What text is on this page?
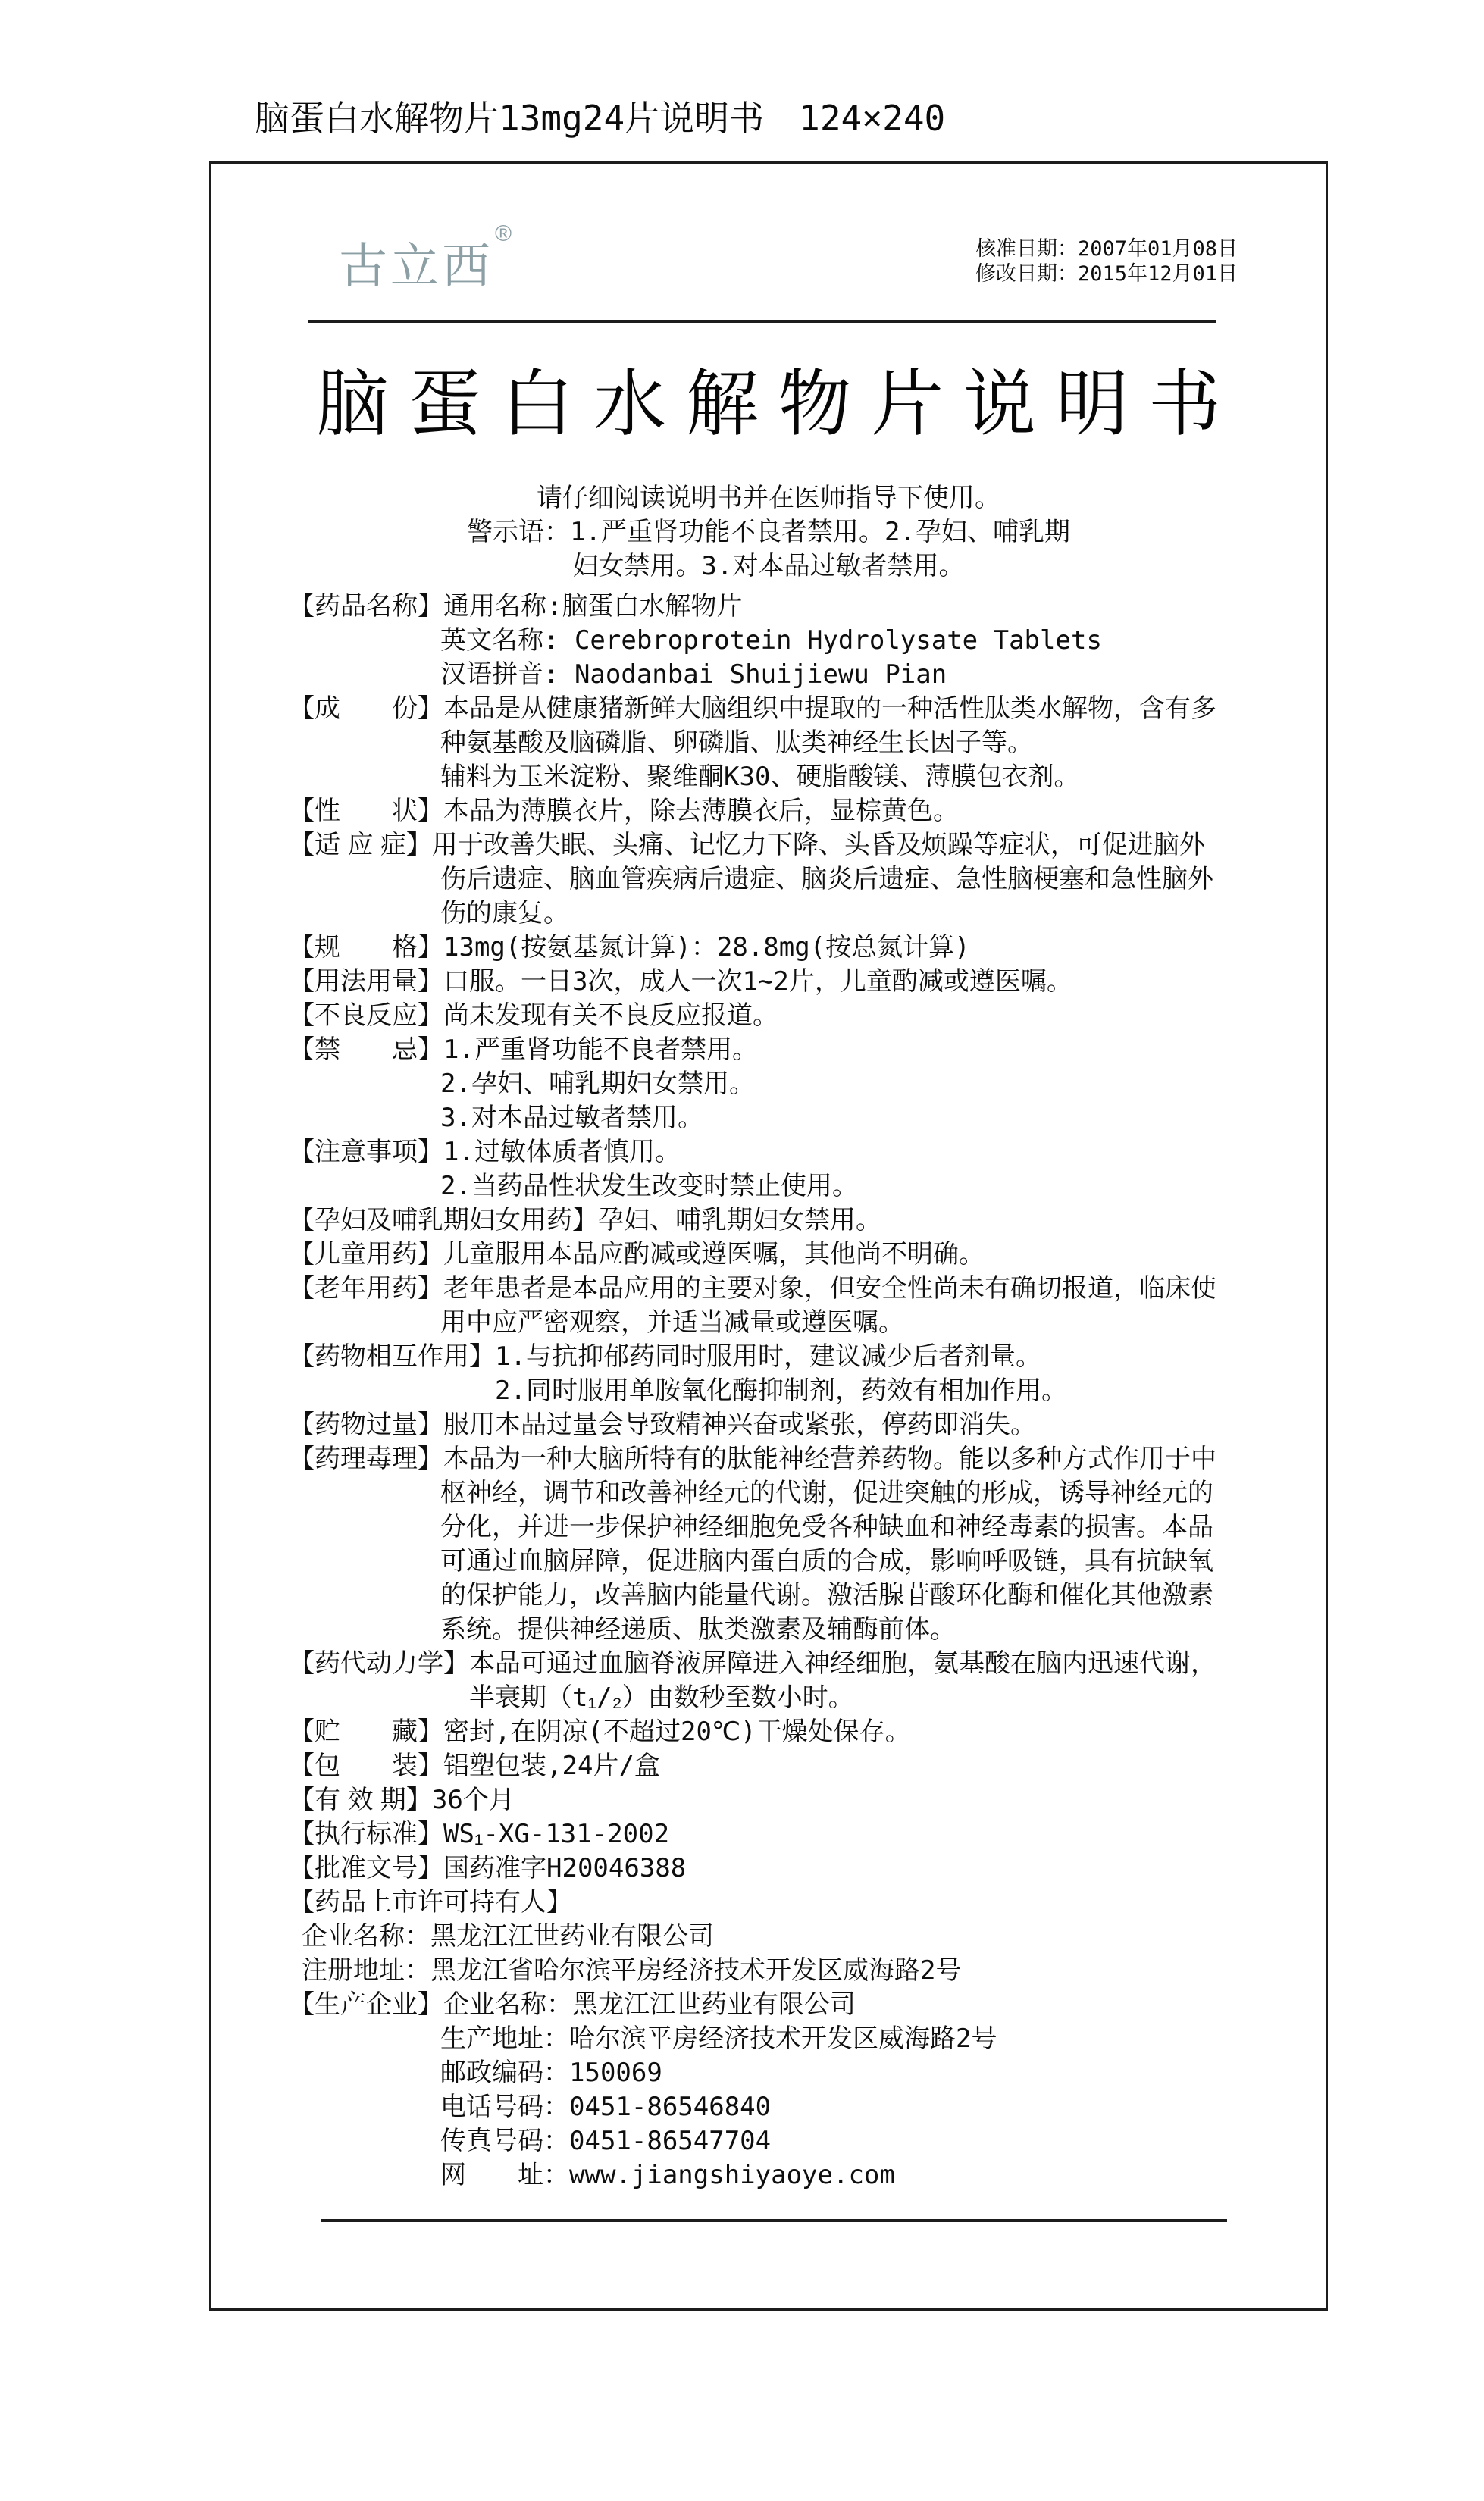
脑蛋白水解物片13mg24片说明书　124×240
古立西®
核准日期：2007年01月08日
修改日期：2015年12月01日
脑蛋白水解物片说明书
请仔细阅读说明书并在医师指导下使用。
警示语：1.严重肾功能不良者禁用。2.孕妇、哺乳期
妇女禁用。3.对本品过敏者禁用。
【药品名称】通用名称:脑蛋白水解物片
英文名称: Cerebroprotein Hydrolysate Tablets
汉语拼音: Naodanbai Shuijiewu Pian
【成　　份】本品是从健康猪新鲜大脑组织中提取的一种活性肽类水解物，含有多
种氨基酸及脑磷脂、卵磷脂、肽类神经生长因子等。
辅料为玉米淀粉、聚维酮K30、硬脂酸镁、薄膜包衣剂。
【性　　状】本品为薄膜衣片，除去薄膜衣后，显棕黄色。
【适 应 症】用于改善失眠、头痛、记忆力下降、头昏及烦躁等症状，可促进脑外
伤后遗症、脑血管疾病后遗症、脑炎后遗症、急性脑梗塞和急性脑外
伤的康复。
【规　　格】13mg(按氨基氮计算)：28.8mg(按总氮计算)
【用法用量】口服。一日3次，成人一次1~2片，儿童酌减或遵医嘱。
【不良反应】尚未发现有关不良反应报道。
【禁　　忌】1.严重肾功能不良者禁用。
2.孕妇、哺乳期妇女禁用。
3.对本品过敏者禁用。
【注意事项】1.过敏体质者慎用。
2.当药品性状发生改变时禁止使用。
【孕妇及哺乳期妇女用药】孕妇、哺乳期妇女禁用。
【儿童用药】儿童服用本品应酌减或遵医嘱，其他尚不明确。
【老年用药】老年患者是本品应用的主要对象，但安全性尚未有确切报道，临床使
用中应严密观察，并适当减量或遵医嘱。
【药物相互作用】1.与抗抑郁药同时服用时，建议减少后者剂量。
2.同时服用单胺氧化酶抑制剂，药效有相加作用。
【药物过量】服用本品过量会导致精神兴奋或紧张，停药即消失。
【药理毒理】本品为一种大脑所特有的肽能神经营养药物。能以多种方式作用于中
枢神经，调节和改善神经元的代谢，促进突触的形成，诱导神经元的
分化，并进一步保护神经细胞免受各种缺血和神经毒素的损害。本品
可通过血脑屏障，促进脑内蛋白质的合成，影响呼吸链，具有抗缺氧
的保护能力，改善脑内能量代谢。激活腺苷酸环化酶和催化其他激素
系统。提供神经递质、肽类激素及辅酶前体。
【药代动力学】本品可通过血脑脊液屏障进入神经细胞，氨基酸在脑内迅速代谢，
半衰期（t₁/₂）由数秒至数小时。
【贮　　藏】密封,在阴凉(不超过20℃)干燥处保存。
【包　　装】铝塑包装,24片/盒
【有 效 期】36个月
【执行标准】WS₁-XG-131-2002
【批准文号】国药准字H20046388
【药品上市许可持有人】
企业名称：黑龙江江世药业有限公司
注册地址：黑龙江省哈尔滨平房经济技术开发区威海路2号
【生产企业】企业名称：黑龙江江世药业有限公司
生产地址：哈尔滨平房经济技术开发区威海路2号
邮政编码：150069
电话号码：0451-86546840
传真号码：0451-86547704
网　　址：www.jiangshiyaoye.com
